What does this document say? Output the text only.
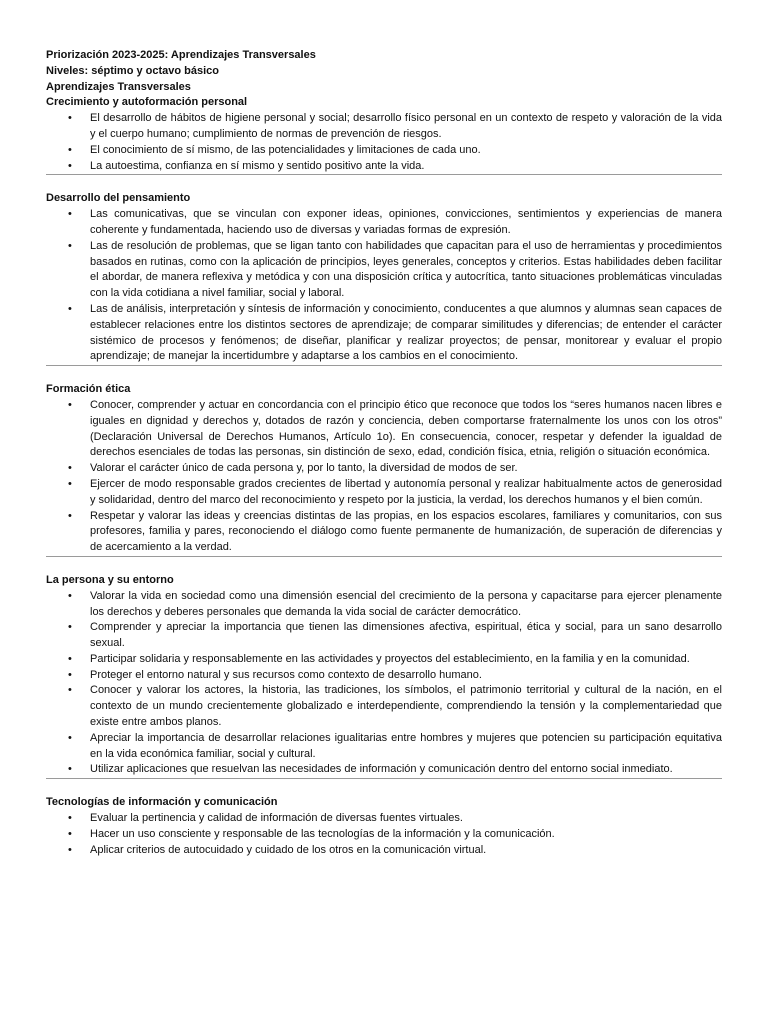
Priorización 2023-2025: Aprendizajes Transversales

Niveles: séptimo y octavo básico

Aprendizajes Transversales

Crecimiento y autoformación personal

• El desarrollo de hábitos de higiene personal y social; desarrollo físico personal en un contexto de respeto y valoración de la vida y el cuerpo humano; cumplimiento de normas de prevención de riesgos.
• El conocimiento de sí mismo, de las potencialidades y limitaciones de cada uno.
• La autoestima, confianza en sí mismo y sentido positivo ante la vida.

Desarrollo del pensamiento

• Las comunicativas, que se vinculan con exponer ideas, opiniones, convicciones, sentimientos y experiencias de manera coherente y fundamentada, haciendo uso de diversas y variadas formas de expresión.
• Las de resolución de problemas, que se ligan tanto con habilidades que capacitan para el uso de herramientas y procedimientos basados en rutinas, como con la aplicación de principios, leyes generales, conceptos y criterios. Estas habilidades deben facilitar el abordar, de manera reflexiva y metódica y con una disposición crítica y autocrítica, tanto situaciones problemáticas vinculadas con la vida cotidiana a nivel familiar, social y laboral.
• Las de análisis, interpretación y síntesis de información y conocimiento, conducentes a que alumnos y alumnas sean capaces de establecer relaciones entre los distintos sectores de aprendizaje; de comparar similitudes y diferencias; de entender el carácter sistémico de procesos y fenómenos; de diseñar, planificar y realizar proyectos; de pensar, monitorear y evaluar el propio aprendizaje; de manejar la incertidumbre y adaptarse a los cambios en el conocimiento.

Formación ética

• Conocer, comprender y actuar en concordancia con el principio ético que reconoce que todos los “seres humanos nacen libres e iguales en dignidad y derechos y, dotados de razón y conciencia, deben comportarse fraternalmente los unos con los otros” (Declaración Universal de Derechos Humanos, Artículo 1o). En consecuencia, conocer, respetar y defender la igualdad de derechos esenciales de todas las personas, sin distinción de sexo, edad, condición física, etnia, religión o situación económica.
• Valorar el carácter único de cada persona y, por lo tanto, la diversidad de modos de ser.
• Ejercer de modo responsable grados crecientes de libertad y autonomía personal y realizar habitualmente actos de generosidad y solidaridad, dentro del marco del reconocimiento y respeto por la justicia, la verdad, los derechos humanos y el bien común.
• Respetar y valorar las ideas y creencias distintas de las propias, en los espacios escolares, familiares y comunitarios, con sus profesores, familia y pares, reconociendo el diálogo como fuente permanente de humanización, de superación de diferencias y de acercamiento a la verdad.

La persona y su entorno

• Valorar la vida en sociedad como una dimensión esencial del crecimiento de la persona y capacitarse para ejercer plenamente los derechos y deberes personales que demanda la vida social de carácter democrático.
• Comprender y apreciar la importancia que tienen las dimensiones afectiva, espiritual, ética y social, para un sano desarrollo sexual.
• Participar solidaria y responsablemente en las actividades y proyectos del establecimiento, en la familia y en la comunidad.
• Proteger el entorno natural y sus recursos como contexto de desarrollo humano.
• Conocer y valorar los actores, la historia, las tradiciones, los símbolos, el patrimonio territorial y cultural de la nación, en el contexto de un mundo crecientemente globalizado e interdependiente, comprendiendo la tensión y la complementariedad que existe entre ambos planos.
• Apreciar la importancia de desarrollar relaciones igualitarias entre hombres y mujeres que potencien su participación equitativa en la vida económica familiar, social y cultural.
• Utilizar aplicaciones que resuelvan las necesidades de información y comunicación dentro del entorno social inmediato.

Tecnologías de información y comunicación

• Evaluar la pertinencia y calidad de información de diversas fuentes virtuales.
• Hacer un uso consciente y responsable de las tecnologías de la información y la comunicación.
• Aplicar criterios de autocuidado y cuidado de los otros en la comunicación virtual.
